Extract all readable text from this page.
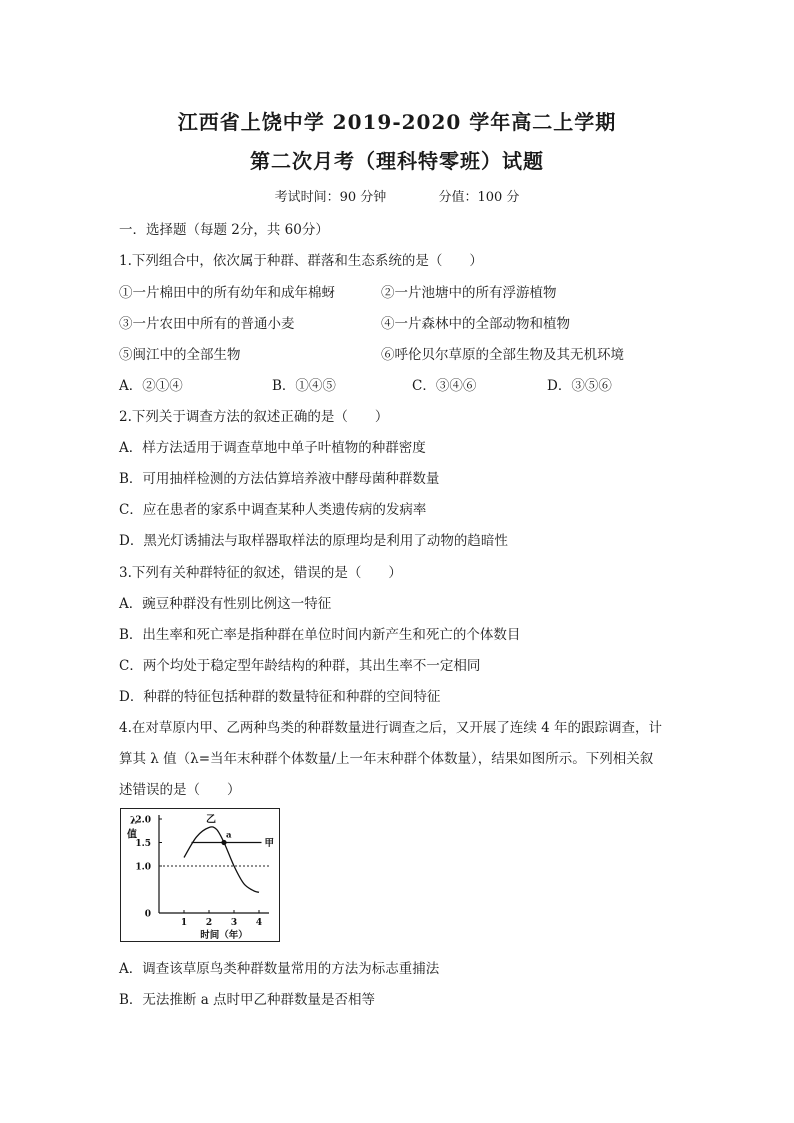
江西省上饶中学 2019-2020 学年高二上学期
第二次月考（理科特零班）试题
考试时间：90 分钟	分值：100 分
一．选择题（每题 2分，共 60分）
1.下列组合中，依次属于种群、群落和生态系统的是（　　）
①一片棉田中的所有幼年和成年棉蚜	②一片池塘中的所有浮游植物
③一片农田中所有的普通小麦	④一片森林中的全部动物和植物
⑤闽江中的全部生物	⑥呼伦贝尔草原的全部生物及其无机环境
A．②①④	B．①④⑤	C．③④⑥	D．③⑤⑥
2.下列关于调查方法的叙述正确的是（　　）
A．样方法适用于调查草地中单子叶植物的种群密度
B．可用抽样检测的方法估算培养液中酵母菌种群数量
C．应在患者的家系中调查某种人类遗传病的发病率
D．黑光灯诱捕法与取样器取样法的原理均是利用了动物的趋暗性
3.下列有关种群特征的叙述，错误的是（　　）
A．豌豆种群没有性别比例这一特征
B．出生率和死亡率是指种群在单位时间内新产生和死亡的个体数目
C．两个均处于稳定型年龄结构的种群，其出生率不一定相同
D．种群的特征包括种群的数量特征和种群的空间特征
4.在对草原内甲、乙两种鸟类的种群数量进行调查之后，又开展了连续 4 年的跟踪调查，计
算其 λ 值（λ=当年末种群个体数量/上一年末种群个体数量），结果如图所示。下列相关叙
述错误的是（　　）
0
1.0
1.5
2.0
1 2 3 4
λ
值
时间（年）
甲
乙
a
A．调查该草原鸟类种群数量常用的方法为标志重捕法
B．无法推断 a 点时甲乙种群数量是否相等
